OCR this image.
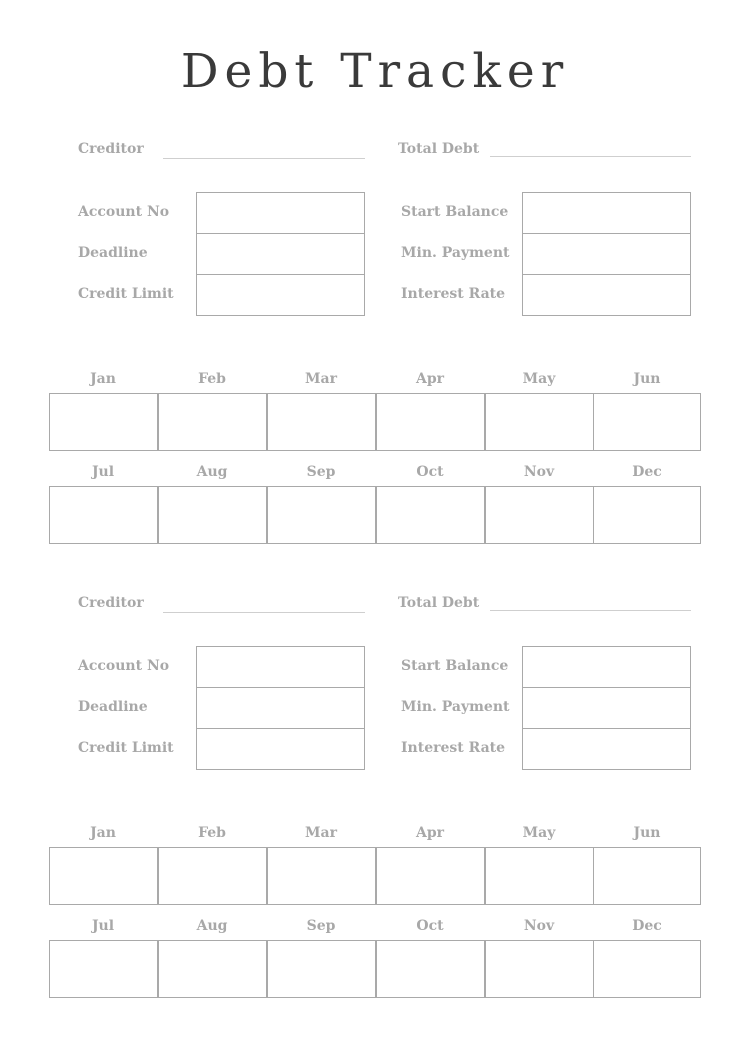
Debt Tracker
Creditor	Total Debt
Account No
Deadline
Credit Limit
Start Balance
Min. Payment
Interest Rate
Jan	Feb	Mar	Apr	May	Jun
Jul	Aug	Sep	Oct	Nov	Dec
Creditor	Total Debt
Account No
Deadline
Credit Limit
Start Balance
Min. Payment
Interest Rate
Jan	Feb	Mar	Apr	May	Jun
Jul	Aug	Sep	Oct	Nov	Dec
